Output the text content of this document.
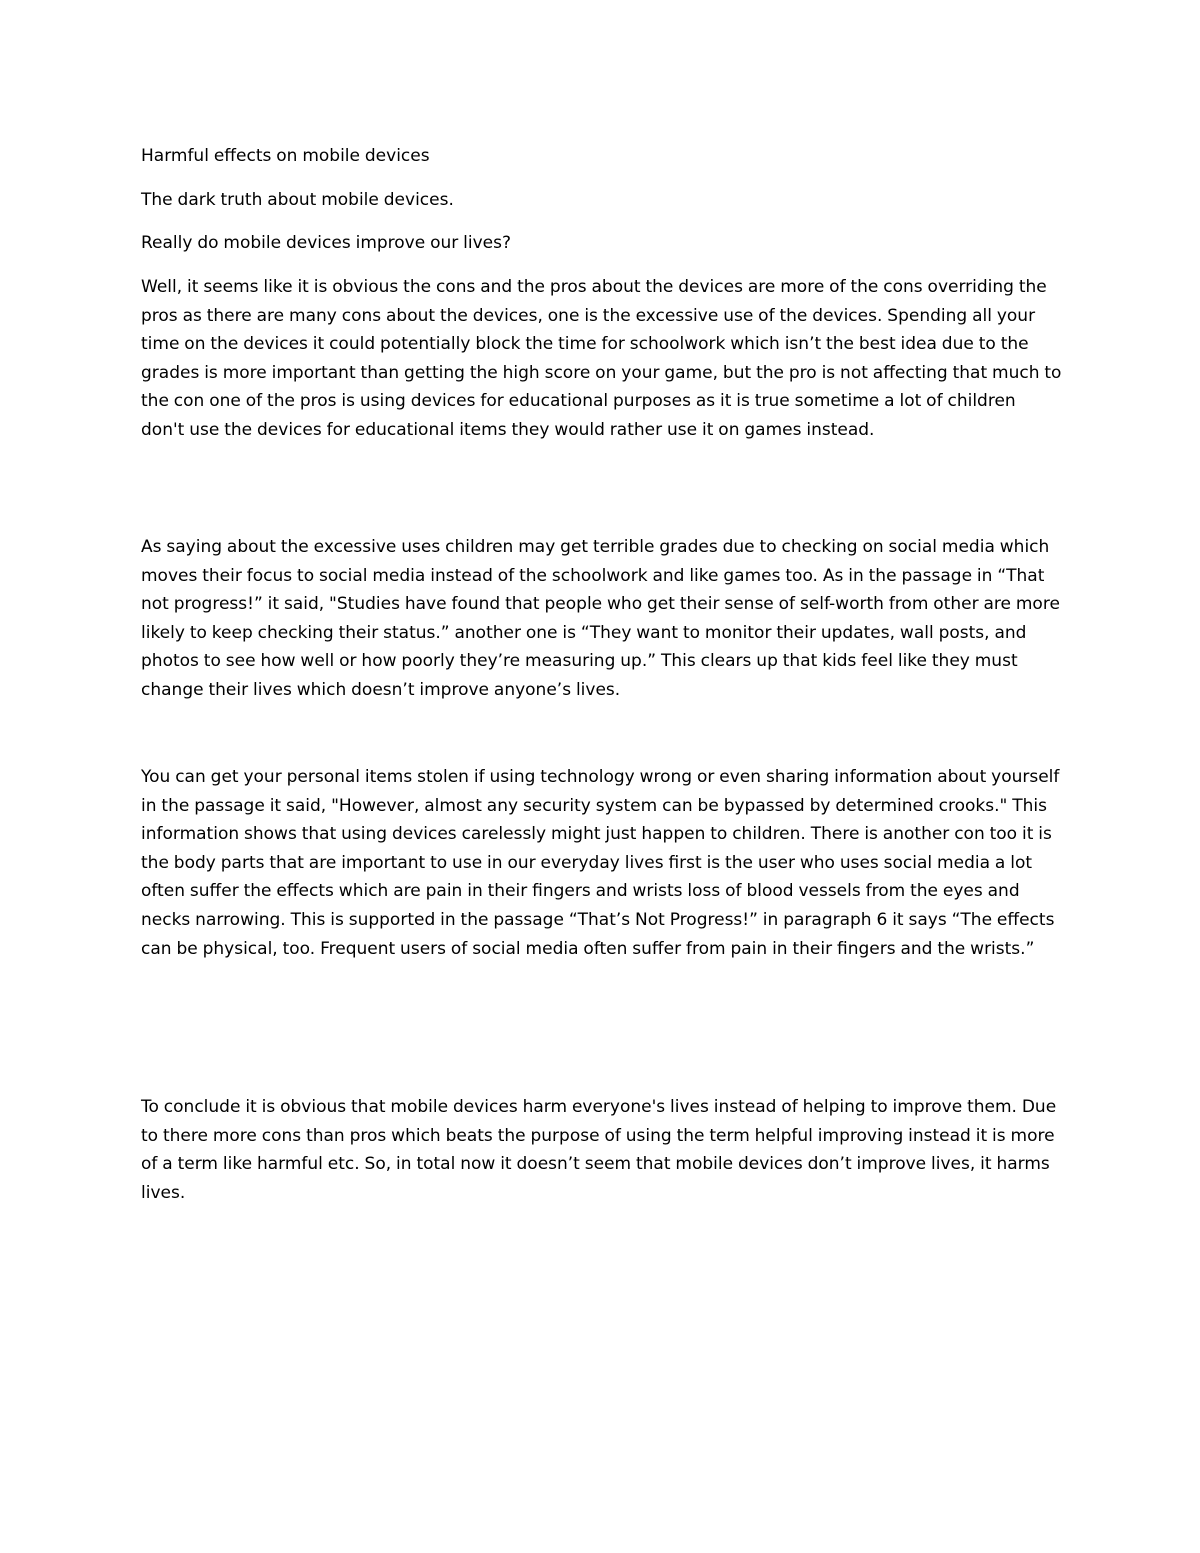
Harmful effects on mobile devices

The dark truth about mobile devices.

Really do mobile devices improve our lives?

Well, it seems like it is obvious the cons and the pros about the devices are more of the cons overriding the pros as there are many cons about the devices, one is the excessive use of the devices. Spending all your time on the devices it could potentially block the time for schoolwork which isn’t the best idea due to the grades is more important than getting the high score on your game, but the pro is not affecting that much to the con one of the pros is using devices for educational purposes as it is true sometime a lot of children don't use the devices for educational items they would rather use it on games instead.

As saying about the excessive uses children may get terrible grades due to checking on social media which moves their focus to social media instead of the schoolwork and like games too. As in the passage in “That not progress!” it said, "Studies have found that people who get their sense of self-worth from other are more likely to keep checking their status.” another one is “They want to monitor their updates, wall posts, and photos to see how well or how poorly they’re measuring up.” This clears up that kids feel like they must change their lives which doesn’t improve anyone’s lives.

You can get your personal items stolen if using technology wrong or even sharing information about yourself in the passage it said, "However, almost any security system can be bypassed by determined crooks." This information shows that using devices carelessly might just happen to children. There is another con too it is the body parts that are important to use in our everyday lives first is the user who uses social media a lot often suffer the effects which are pain in their fingers and wrists loss of blood vessels from the eyes and necks narrowing. This is supported in the passage “That’s Not Progress!” in paragraph 6 it says “The effects can be physical, too. Frequent users of social media often suffer from pain in their fingers and the wrists.”

To conclude it is obvious that mobile devices harm everyone's lives instead of helping to improve them. Due to there more cons than pros which beats the purpose of using the term helpful improving instead it is more of a term like harmful etc. So, in total now it doesn’t seem that mobile devices don’t improve lives, it harms lives.
